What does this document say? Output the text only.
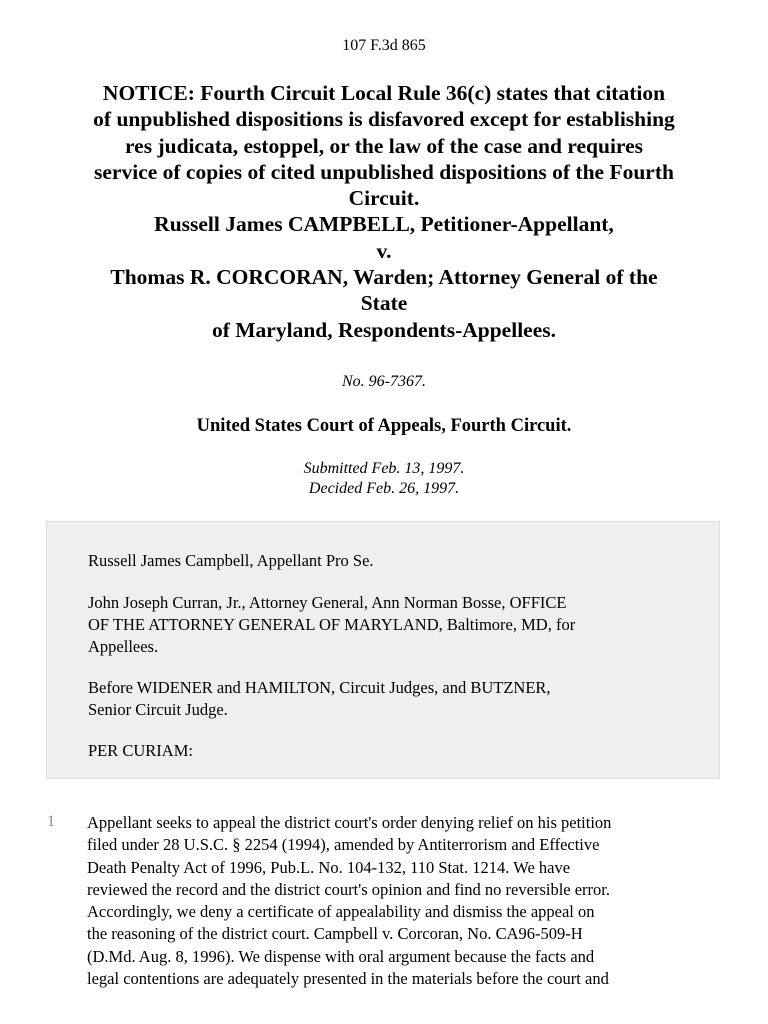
107 F.3d 865
NOTICE: Fourth Circuit Local Rule 36(c) states that citation
of unpublished dispositions is disfavored except for establishing
res judicata, estoppel, or the law of the case and requires
service of copies of cited unpublished dispositions of the Fourth
Circuit.
Russell James CAMPBELL, Petitioner-Appellant,
v.
Thomas R. CORCORAN, Warden; Attorney General of the
State
of Maryland, Respondents-Appellees.
No. 96-7367.
United States Court of Appeals, Fourth Circuit.
Submitted Feb. 13, 1997.
Decided Feb. 26, 1997.
Russell James Campbell, Appellant Pro Se.
John Joseph Curran, Jr., Attorney General, Ann Norman Bosse, OFFICE
OF THE ATTORNEY GENERAL OF MARYLAND, Baltimore, MD, for
Appellees.
Before WIDENER and HAMILTON, Circuit Judges, and BUTZNER,
Senior Circuit Judge.
PER CURIAM:
1 Appellant seeks to appeal the district court's order denying relief on his petition
filed under 28 U.S.C. § 2254 (1994), amended by Antiterrorism and Effective
Death Penalty Act of 1996, Pub.L. No. 104-132, 110 Stat. 1214. We have
reviewed the record and the district court's opinion and find no reversible error.
Accordingly, we deny a certificate of appealability and dismiss the appeal on
the reasoning of the district court. Campbell v. Corcoran, No. CA96-509-H
(D.Md. Aug. 8, 1996). We dispense with oral argument because the facts and
legal contentions are adequately presented in the materials before the court and
